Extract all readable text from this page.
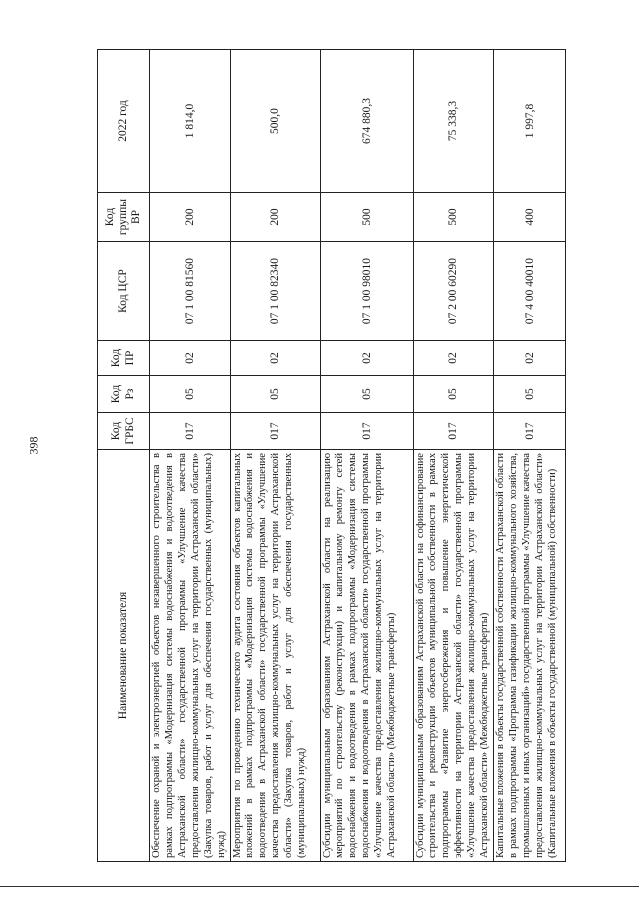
398
Наименование показателя	Код ГРБС	Код Рз	Код ПР	Код ЦСР	Код группы ВР	2022 год
Обеспечение охраной и электроэнергией объектов незавершенного строительства в рамках подпрограммы «Модернизация системы водоснабжения и водоотведения в Астраханской области» государственной программы «Улучшение качества предоставления жилищно-коммунальных услуг на территории Астраханской области» (Закупка товаров, работ и услуг для обеспечения государственных (муниципальных) нужд)	017	05	02	07 1 00 81560	200	1 814,0
Мероприятия по проведению технического аудита состояния объектов капитальных вложений в рамках подпрограммы «Модернизация системы водоснабжения и водоотведения в Астраханской области» государственной программы «Улучшение качества предоставления жилищно-коммунальных услуг на территории Астраханской области» (Закупка товаров, работ и услуг для обеспечения государственных (муниципальных) нужд)	017	05	02	07 1 00 82340	200	500,0
Субсидии муниципальным образованиям Астраханской области на реализацию мероприятий по строительству (реконструкции) и капитальному ремонту сетей водоснабжения и водоотведения в рамках подпрограммы «Модернизация системы водоснабжения и водоотведения в Астраханской области» государственной программы «Улучшение качества предоставления жилищно-коммунальных услуг на территории Астраханской области» (Межбюджетные трансферты)	017	05	02	07 1 00 98010	500	674 880,3
Субсидии муниципальным образованиям Астраханской области на софинансирование строительства и реконструкции объектов муниципальной собственности в рамках подпрограммы «Развитие энергосбережения и повышение энергетической эффективности на территории Астраханской области» государственной программы «Улучшение качества предоставления жилищно-коммунальных услуг на территории Астраханской области» (Межбюджетные трансферты)	017	05	02	07 2 00 60290	500	75 338,3
Капитальные вложения в объекты государственной собственности Астраханской области в рамках подпрограммы «Программа газификации жилищно-коммунального хозяйства, промышленных и иных организаций» государственной программы «Улучшение качества предоставления жилищно-коммунальных услуг на территории Астраханской области» (Капитальные вложения в объекты государственной (муниципальной) собственности)	017	05	02	07 4 00 40010	400	1 997,8
